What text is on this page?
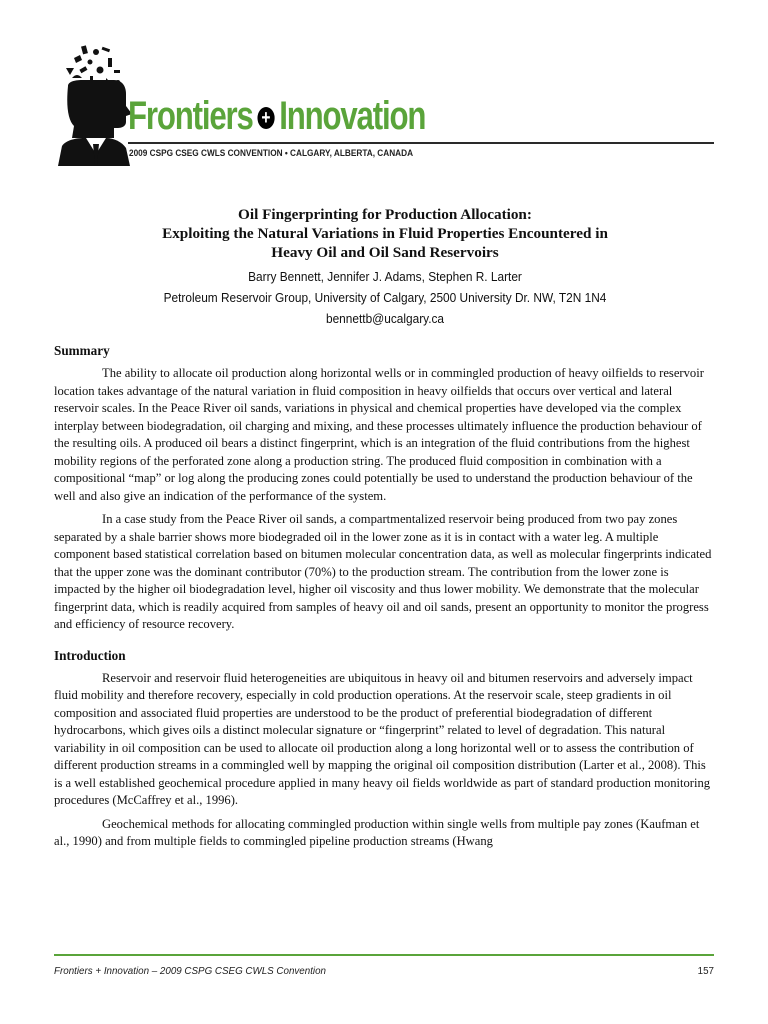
Frontiers + Innovation
2009 CSPG CSEG CWLS CONVENTION • CALGARY, ALBERTA, CANADA
Oil Fingerprinting for Production Allocation:
Exploiting the Natural Variations in Fluid Properties Encountered in
Heavy Oil and Oil Sand Reservoirs

Barry Bennett, Jennifer J. Adams, Stephen R. Larter
Petroleum Reservoir Group, University of Calgary, 2500 University Dr. NW, T2N 1N4
bennettb@ucalgary.ca

Summary

The ability to allocate oil production along horizontal wells or in commingled production of heavy oilfields to reservoir location takes advantage of the natural variation in fluid composition in heavy oilfields that occurs over vertical and lateral reservoir scales. In the Peace River oil sands, variations in physical and chemical properties have developed via the complex interplay between biodegradation, oil charging and mixing, and these processes ultimately influence the production behaviour of the resulting oils. A produced oil bears a distinct fingerprint, which is an integration of the fluid contributions from the highest mobility regions of the perforated zone along a production string. The produced fluid composition in combination with a compositional “map” or log along the producing zones could potentially be used to understand the production behaviour of the well and also give an indication of the performance of the system.

In a case study from the Peace River oil sands, a compartmentalized reservoir being produced from two pay zones separated by a shale barrier shows more biodegraded oil in the lower zone as it is in contact with a water leg. A multiple component based statistical correlation based on bitumen molecular concentration data, as well as molecular fingerprints indicated that the upper zone was the dominant contributor (70%) to the production stream. The contribution from the lower zone is impacted by the higher oil biodegradation level, higher oil viscosity and thus lower mobility. We demonstrate that the molecular fingerprint data, which is readily acquired from samples of heavy oil and oil sands, present an opportunity to monitor the progress and efficiency of resource recovery.

Introduction

Reservoir and reservoir fluid heterogeneities are ubiquitous in heavy oil and bitumen reservoirs and adversely impact fluid mobility and therefore recovery, especially in cold production operations. At the reservoir scale, steep gradients in oil composition and associated fluid properties are understood to be the product of preferential biodegradation of different hydrocarbons, which gives oils a distinct molecular signature or “fingerprint” related to level of degradation. This natural variability in oil composition can be used to allocate oil production along a long horizontal well or to assess the contribution of different production streams in a commingled well by mapping the original oil composition distribution (Larter et al., 2008). This is a well established geochemical procedure applied in many heavy oil fields worldwide as part of standard production monitoring procedures (McCaffrey et al., 1996).

Geochemical methods for allocating commingled production within single wells from multiple pay zones (Kaufman et al., 1990) and from multiple fields to commingled pipeline production streams (Hwang

Frontiers + Innovation – 2009 CSPG CSEG CWLS Convention	157
